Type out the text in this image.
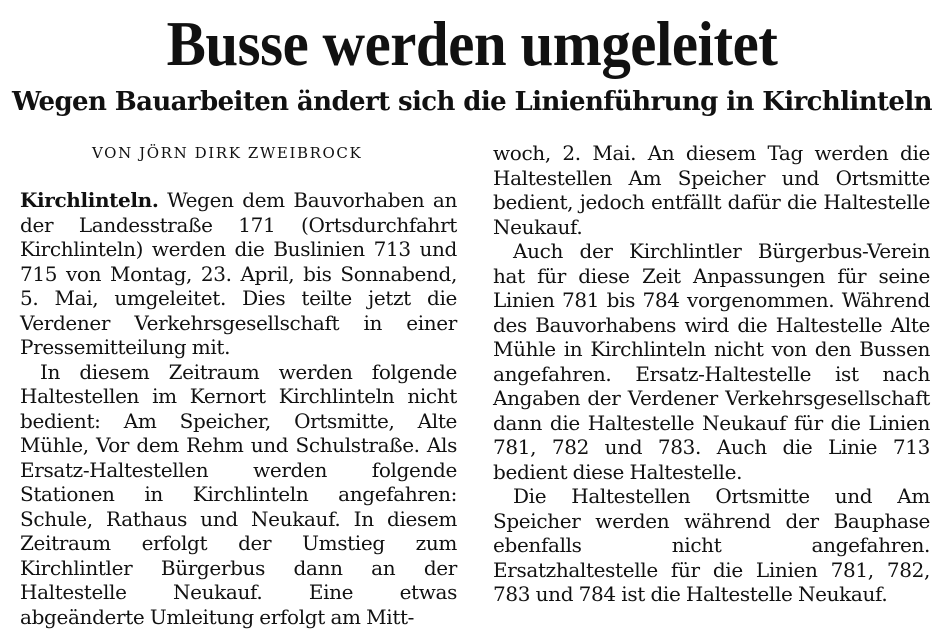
Busse werden umgeleitet
Wegen Bauarbeiten ändert sich die Linienführung in Kirchlinteln
VON JÖRN DIRK ZWEIBROCK

Kirchlinteln. Wegen dem Bauvorhaben an der Landesstraße 171 (Ortsdurchfahrt Kirchlinteln) werden die Buslinien 713 und 715 von Montag, 23. April, bis Sonnabend, 5. Mai, umgeleitet. Dies teilte jetzt die Verdener Verkehrsgesellschaft in einer Pressemitteilung mit.

In diesem Zeitraum werden folgende Haltestellen im Kernort Kirchlinteln nicht bedient: Am Speicher, Ortsmitte, Alte Mühle, Vor dem Rehm und Schulstraße. Als Ersatz-Haltestellen werden folgende Stationen in Kirchlinteln angefahren: Schule, Rathaus und Neukauf. In diesem Zeitraum erfolgt der Umstieg zum Kirchlintler Bürgerbus dann an der Haltestelle Neukauf. Eine etwas abgeänderte Umleitung erfolgt am Mitt-

woch, 2. Mai. An diesem Tag werden die Haltestellen Am Speicher und Ortsmitte bedient, jedoch entfällt dafür die Haltestelle Neukauf.

Auch der Kirchlintler Bürgerbus-Verein hat für diese Zeit Anpassungen für seine Linien 781 bis 784 vorgenommen. Während des Bauvorhabens wird die Haltestelle Alte Mühle in Kirchlinteln nicht von den Bussen angefahren. Ersatz-Haltestelle ist nach Angaben der Verdener Verkehrsgesellschaft dann die Haltestelle Neukauf für die Linien 781, 782 und 783. Auch die Linie 713 bedient diese Haltestelle.

Die Haltestellen Ortsmitte und Am Speicher werden während der Bauphase ebenfalls nicht angefahren. Ersatzhaltestelle für die Linien 781, 782, 783 und 784 ist die Haltestelle Neukauf.
